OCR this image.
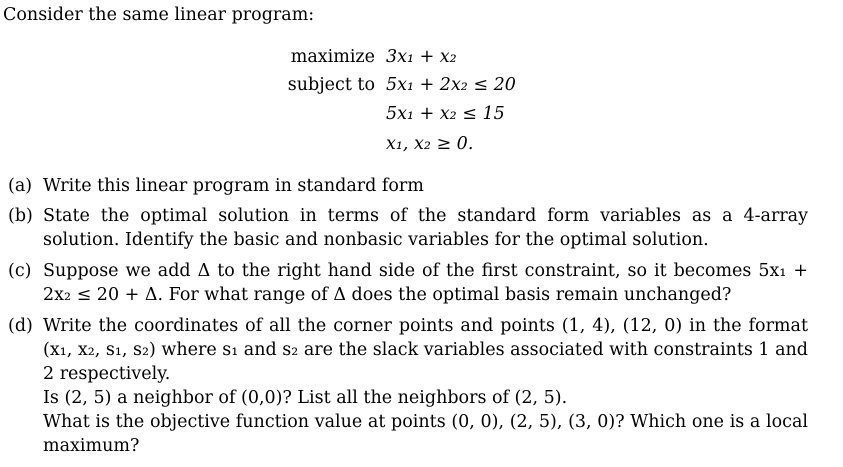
Consider the same linear program:
maximize 3x₁ + x₂
subject to 5x₁ + 2x₂ ≤ 20
5x₁ + x₂ ≤ 15
x₁, x₂ ≥ 0.
(a) Write this linear program in standard form

(b) State the optimal solution in terms of the standard form variables as a 4-array solution. Identify the basic and nonbasic variables for the optimal solution.

(c) Suppose we add Δ to the right hand side of the first constraint, so it becomes 5x₁ + 2x₂ ≤ 20 + Δ. For what range of Δ does the optimal basis remain unchanged?

(d) Write the coordinates of all the corner points and points (1, 4), (12, 0) in the format (x₁, x₂, s₁, s₂) where s₁ and s₂ are the slack variables associated with constraints 1 and 2 respectively.

Is (2, 5) a neighbor of (0,0)? List all the neighbors of (2, 5).

What is the objective function value at points (0, 0), (2, 5), (3, 0)? Which one is a local maximum?
